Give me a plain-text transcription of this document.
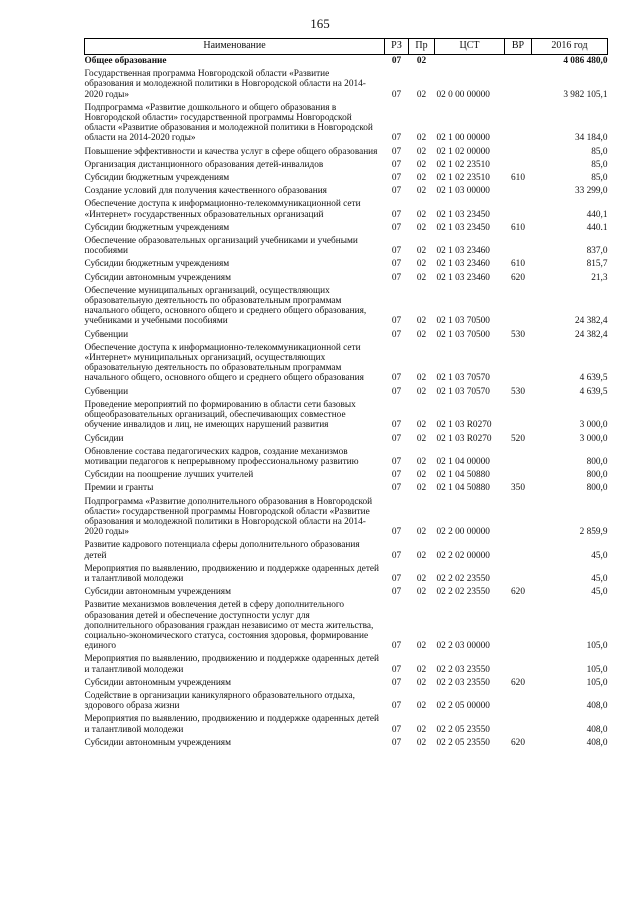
165
Наименование	РЗ	Пр	ЦСТ	ВР	2016 год
Общее образование	07	02			4 086 480,0
Государственная программа Новгородской области «Развитие образования и молодежной политики в Новгородской области на 2014-2020 годы»	07	02	02 0 00 00000		3 982 105,1
Подпрограмма «Развитие дошкольного и общего образования в Новгородской области» государственной программы Новгородской области «Развитие образования и молодежной политики в Новгородской области на 2014-2020 годы»	07	02	02 1 00 00000		34 184,0
Повышение эффективности и качества услуг в сфере общего образования	07	02	02 1 02 00000		85,0
Организация дистанционного образования детей-инвалидов	07	02	02 1 02 23510		85,0
Субсидии бюджетным учреждениям	07	02	02 1 02 23510	610	85,0
Создание условий для получения качественного образования	07	02	02 1 03 00000		33 299,0
Обеспечение доступа к информационно-телекоммуникационной сети «Интернет» государственных образовательных организаций	07	02	02 1 03 23450		440,1
Субсидии бюджетным учреждениям	07	02	02 1 03 23450	610	440.1
Обеспечение образовательных организаций учебниками и учебными пособиями	07	02	02 1 03 23460		837,0
Субсидии бюджетным учреждениям	07	02	02 1 03 23460	610	815,7
Субсидии автономным учреждениям	07	02	02 1 03 23460	620	21,3
Обеспечение муниципальных организаций, осуществляющих образовательную деятельность по образовательным программам начального общего, основного общего и среднего общего образования, учебниками и учебными пособиями	07	02	02 1 03 70500		24 382,4
Субвенции	07	02	02 1 03 70500	530	24 382,4
Обеспечение доступа к информационно-телекоммуникационной сети «Интернет» муниципальных организаций, осуществляющих образовательную деятельность по образовательным программам начального общего, основного общего и среднего общего образования	07	02	02 1 03 70570		4 639,5
Субвенции	07	02	02 1 03 70570	530	4 639,5
Проведение мероприятий по формированию в области сети базовых общеобразовательных организаций, обеспечивающих совместное обучение инвалидов и лиц, не имеющих нарушений развития	07	02	02 1 03 R0270		3 000,0
Субсидии	07	02	02 1 03 R0270	520	3 000,0
Обновление состава педагогических кадров, создание механизмов мотивации педагогов к непрерывному профессиональному развитию	07	02	02 1 04 00000		800,0
Субсидии на поощрение лучших учителей	07	02	02 1 04 50880		800,0
Премии и гранты	07	02	02 1 04 50880	350	800,0
Подпрограмма «Развитие дополнительного образования в Новгородской области» государственной программы Новгородской области «Развитие образования и молодежной политики в Новгородской области на 2014-2020 годы»	07	02	02 2 00 00000		2 859,9
Развитие кадрового потенциала сферы дополнительного образования детей	07	02	02 2 02 00000		45,0
Мероприятия по выявлению, продвижению и поддержке одаренных детей и талантливой молодежи	07	02	02 2 02 23550		45,0
Субсидии автономным учреждениям	07	02	02 2 02 23550	620	45,0
Развитие механизмов вовлечения детей в сферу дополнительного образования детей и обеспечение доступности услуг для дополнительного образования граждан независимо от места жительства, социально-экономического статуса, состояния здоровья, формирование единого	07	02	02 2 03 00000		105,0
Мероприятия по выявлению, продвижению и поддержке одаренных детей и талантливой молодежи	07	02	02 2 03 23550		105,0
Субсидии автономным учреждениям	07	02	02 2 03 23550	620	105,0
Содействие в организации каникулярного образовательного отдыха, здорового образа жизни	07	02	02 2 05 00000		408,0
Мероприятия по выявлению, продвижению и поддержке одаренных детей и талантливой молодежи	07	02	02 2 05 23550		408,0
Субсидии автономным учреждениям	07	02	02 2 05 23550	620	408,0
